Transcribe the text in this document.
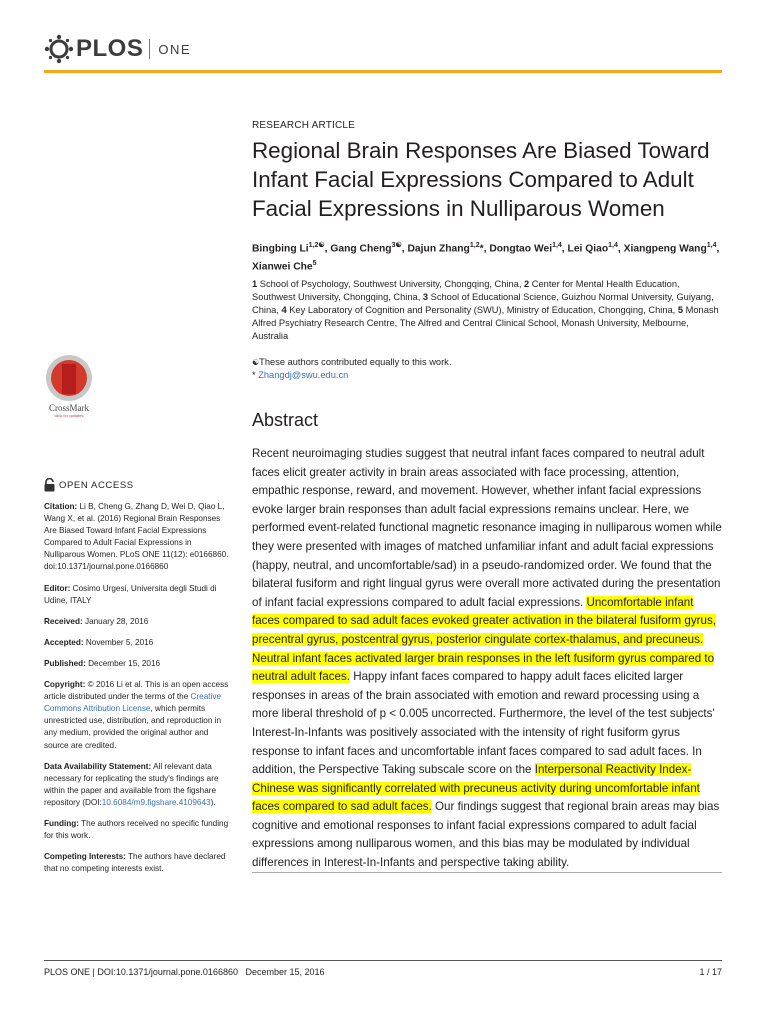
PLOS ONE
RESEARCH ARTICLE
Regional Brain Responses Are Biased Toward Infant Facial Expressions Compared to Adult Facial Expressions in Nulliparous Women
Bingbing $Li^{1,2☯}$, Gang Cheng$^{3☯}$, Dajun Zhang$^{1,2}$*, Dongtao Wei$^{1,4}$, Lei Qiao$^{1,4}$, Xiangpeng Wang$^{1,4}$, Xianwei Che$^5$
1 School of Psychology, Southwest University, Chongqing, China, 2 Center for Mental Health Education, Southwest University, Chongqing, China, 3 School of Educational Science, Guizhou Normal University, Guiyang, China, 4 Key Laboratory of Cognition and Personality (SWU), Ministry of Education, Chongqing, China, 5 Monash Alfred Psychiatry Research Centre, The Alfred and Central Clinical School, Monash University, Melbourne, Australia
☯These authors contributed equally to this work.
* Zhangdj@swu.edu.cn
Abstract
Recent neuroimaging studies suggest that neutral infant faces compared to neutral adult faces elicit greater activity in brain areas associated with face processing, attention, empathic response, reward, and movement. However, whether infant facial expressions evoke larger brain responses than adult facial expressions remains unclear. Here, we performed event-related functional magnetic resonance imaging in nulliparous women while they were presented with images of matched unfamiliar infant and adult facial expressions (happy, neutral, and uncomfortable/sad) in a pseudo-randomized order. We found that the bilateral fusiform and right lingual gyrus were overall more activated during the presentation of infant facial expressions compared to adult facial expressions. Uncomfortable infant faces compared to sad adult faces evoked greater activation in the bilateral fusiform gyrus, precentral gyrus, postcentral gyrus, posterior cingulate cortex-thalamus, and precuneus. Neutral infant faces activated larger brain responses in the left fusiform gyrus compared to neutral adult faces. Happy infant faces compared to happy adult faces elicited larger responses in areas of the brain associated with emotion and reward processing using a more liberal threshold of p < 0.005 uncorrected. Furthermore, the level of the test subjects' Interest-In-Infants was positively associated with the intensity of right fusiform gyrus response to infant faces and uncomfortable infant faces compared to sad adult faces. In addition, the Perspective Taking subscale score on the Interpersonal Reactivity Index-Chinese was significantly correlated with precuneus activity during uncomfortable infant faces compared to sad adult faces. Our findings suggest that regional brain areas may bias cognitive and emotional responses to infant facial expressions compared to adult facial expressions among nulliparous women, and this bias may be modulated by individual differences in Interest-In-Infants and perspective taking ability.
CrossMark
click for updates
OPEN ACCESS

Citation: Li B, Cheng G, Zhang D, Wei D, Qiao L, Wang X, et al. (2016) Regional Brain Responses Are Biased Toward Infant Facial Expressions Compared to Adult Facial Expressions in Nulliparous Women. PLoS ONE 11(12): e0166860. doi:10.1371/journal.pone.0166860

Editor: Cosimo Urgesi, Universita degli Studi di Udine, ITALY

Received: January 28, 2016

Accepted: November 5, 2016

Published: December 15, 2016

Copyright: © 2016 Li et al. This is an open access article distributed under the terms of the Creative Commons Attribution License, which permits unrestricted use, distribution, and reproduction in any medium, provided the original author and source are credited.

Data Availability Statement: All relevant data necessary for replicating the study's findings are within the paper and available from the figshare repository (DOI:10.6084/m9.figshare.4109643).

Funding: The authors received no specific funding for this work.

Competing Interests: The authors have declared that no competing interests exist.

PLOS ONE | DOI:10.1371/journal.pone.0166860 December 15, 2016	1 / 17
